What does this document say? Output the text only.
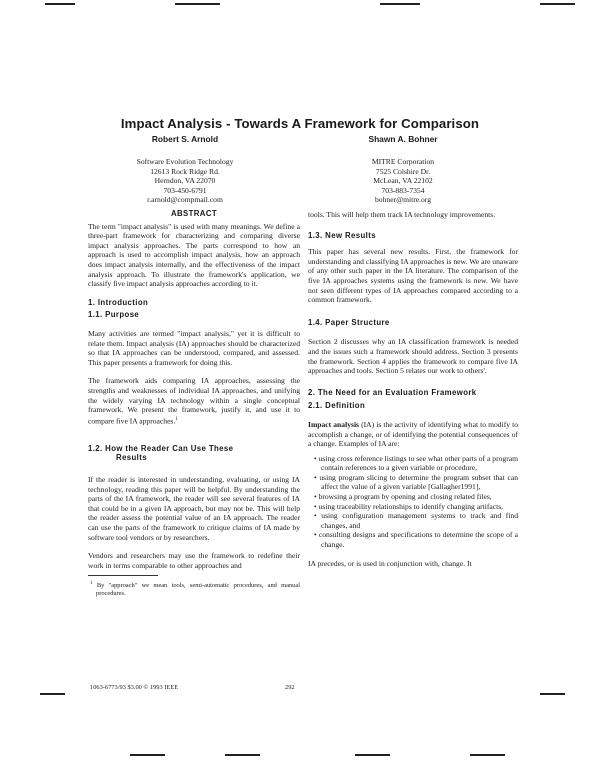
Impact Analysis - Towards A Framework for Comparison
Robert S. Arnold	Shawn A. Bohner
Software Evolution Technology
12613 Rock Ridge Rd.
Herndon, VA 22070
703-450-6791
r.arnold@compmail.com
MITRE Corporation
7525 Colshire Dr.
McLean, VA 22102
703-883-7354
bohner@mitre.org
ABSTRACT

The term "impact analysis" is used with many meanings. We define a three-part framework for characterizing and comparing diverse impact analysis approaches. The parts correspond to how an approach is used to accomplish impact analysis, how an approach does impact analysis internally, and the effectiveness of the impact analysis approach. To illustrate the framework's application, we classify five impact analysis approaches according to it.

1. Introduction
1.1. Purpose

Many activities are termed "impact analysis," yet it is difficult to relate them. Impact analysis (IA) approaches should be characterized so that IA approaches can be understood, compared, and assessed. This paper presents a framework for doing this.

The framework aids comparing IA approaches, assessing the strengths and weaknesses of individual IA approaches, and unifying the widely varying IA technology within a single conceptual framework. We present the framework, justify it, and use it to compare five IA approaches.$^1$

1.2. How the Reader Can Use These
Results

If the reader is interested in understanding, evaluating, or using IA technology, reading this paper will be helpful. By understanding the parts of the IA framework, the reader will see several features of IA that could be in a given IA approach, but may not be. This will help the reader assess the potential value of an IA approach. The reader can use the parts of the framework to critique claims of IA made by software tool vendors or by researchers.

Vendors and researchers may use the framework to redefine their work in terms comparable to other approaches and

$^1$ By "approach" we mean tools, semi-automatic procedures, and manual procedures.

tools. This will help them track IA technology improvements.

1.3. New Results

This paper has several new results. First, the framework for understanding and classifying IA approaches is new. We are unaware of any other such paper in the IA literature. The comparison of the five IA approaches systems using the framework is new. We have not seen different types of IA approaches compared according to a common framework.

1.4. Paper Structure

Section 2 discusses why an IA classification framework is needed and the issues such a framework should address. Section 3 presents the framework. Section 4 applies the framework to compare five IA approaches and tools. Section 5 relates our work to others'.

2. The Need for an Evaluation Framework
2.1. Definition

Impact analysis (IA) is the activity of identifying what to modify to accomplish a change, or of identifying the potential consequences of a change. Examples of IA are:

• using cross reference listings to see what other parts of a program contain references to a given variable or procedure,

• using program slicing to determine the program subset that can affect the value of a given variable [Gallagher1991],

• browsing a program by opening and closing related files,

• using traceability relationships to identify changing artifacts,

• using configuration management systems to track and find changes, and

• consulting designs and specifications to determine the scope of a change.

IA precedes, or is used in conjunction with, change. It

1063-6773/93 $3.00 © 1993 IEEE	292
